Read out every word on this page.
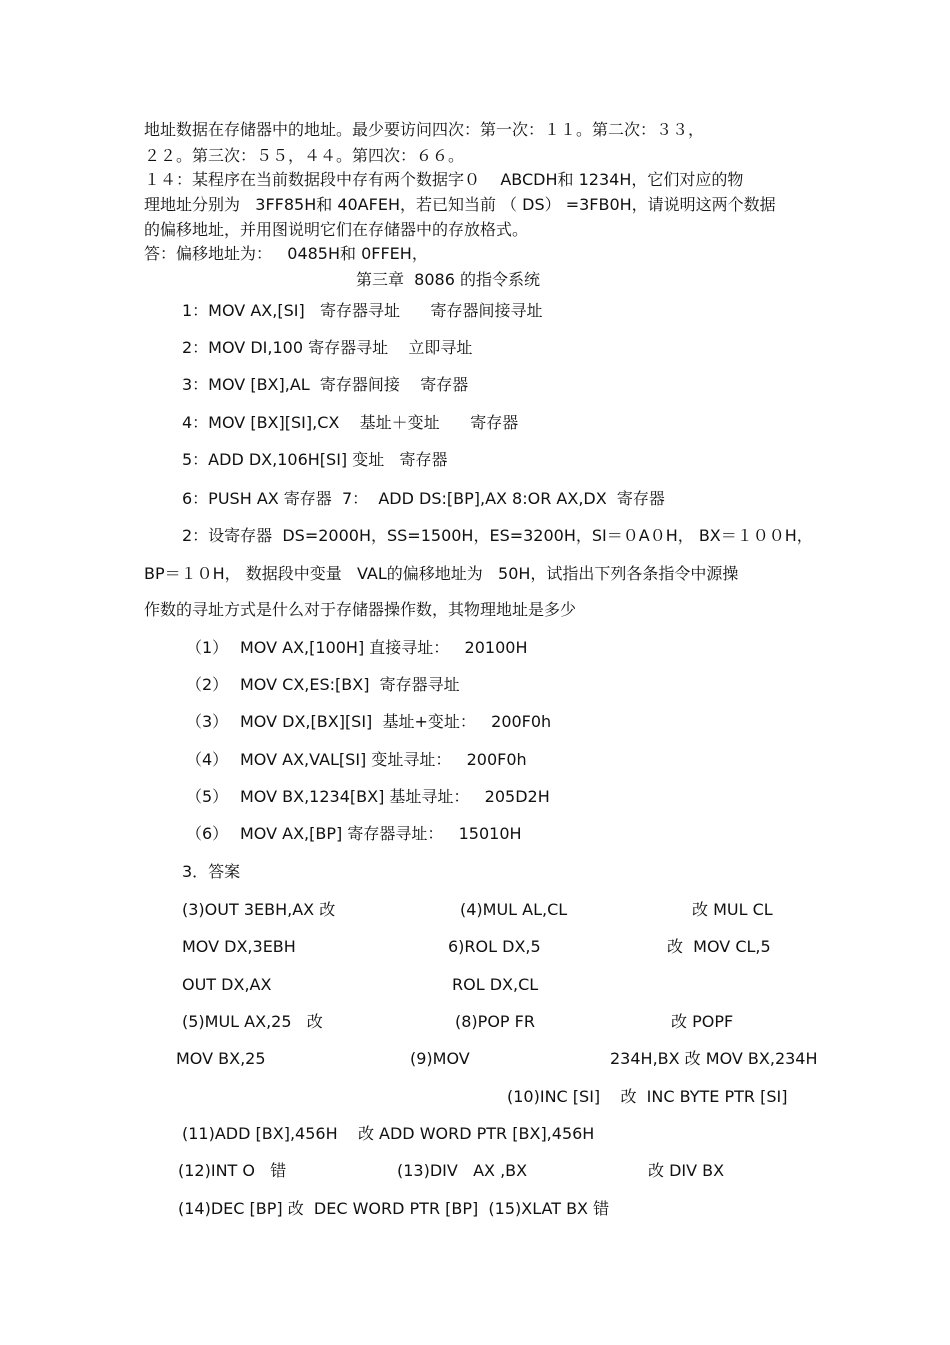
地址数据在存储器中的地址。最少要访问四次：第一次：１１。第二次：３３，
２２。第三次：５５，４４。第四次：６６。
１４：某程序在当前数据段中存有两个数据字０    ABCDH和 1234H，它们对应的物
理地址分别为   3FF85H和 40AFEH，若已知当前 （ DS） =3FB0H，请说明这两个数据
的偏移地址，并用图说明它们在存储器中的存放格式。
答：偏移地址为：   0485H和 0FFEH，
第三章  8086 的指令系统
1：MOV AX,[SI]   寄存器寻址      寄存器间接寻址
2：MOV DI,100 寄存器寻址    立即寻址
3：MOV [BX],AL  寄存器间接    寄存器
4：MOV [BX][SI],CX    基址＋变址      寄存器
5：ADD DX,106H[SI] 变址   寄存器
6：PUSH AX 寄存器  7：  ADD DS:[BP],AX 8:OR AX,DX  寄存器
2：设寄存器  DS=2000H，SS=1500H，ES=3200H，SI＝０A０H， BX＝１００H，
BP＝１０H， 数据段中变量   VAL的偏移地址为   50H，试指出下列各条指令中源操
作数的寻址方式是什么对于存储器操作数，其物理地址是多少
（1） MOV AX,[100H] 直接寻址：   20100H
（2） MOV CX,ES:[BX]  寄存器寻址
（3） MOV DX,[BX][SI]  基址+变址：   200F0h
（4） MOV AX,VAL[SI] 变址寻址：   200F0h
（5） MOV BX,1234[BX] 基址寻址：   205D2H
（6） MOV AX,[BP] 寄存器寻址：   15010H
3．答案
(3)OUT 3EBH,AX 改	(4)MUL AL,CL	改 MUL CL
MOV DX,3EBH	6)ROL DX,5	改  MOV CL,5
OUT DX,AX	ROL DX,CL
(5)MUL AX,25   改	(8)POP FR	改 POPF
MOV BX,25	(9)MOV	234H,BX 改 MOV BX,234H
(10)INC [SI]    改  INC BYTE PTR [SI]
(11)ADD [BX],456H    改 ADD WORD PTR [BX],456H
(12)INT O   错	(13)DIV   AX ,BX	改 DIV BX
(14)DEC [BP] 改  DEC WORD PTR [BP]  (15)XLAT BX 错
